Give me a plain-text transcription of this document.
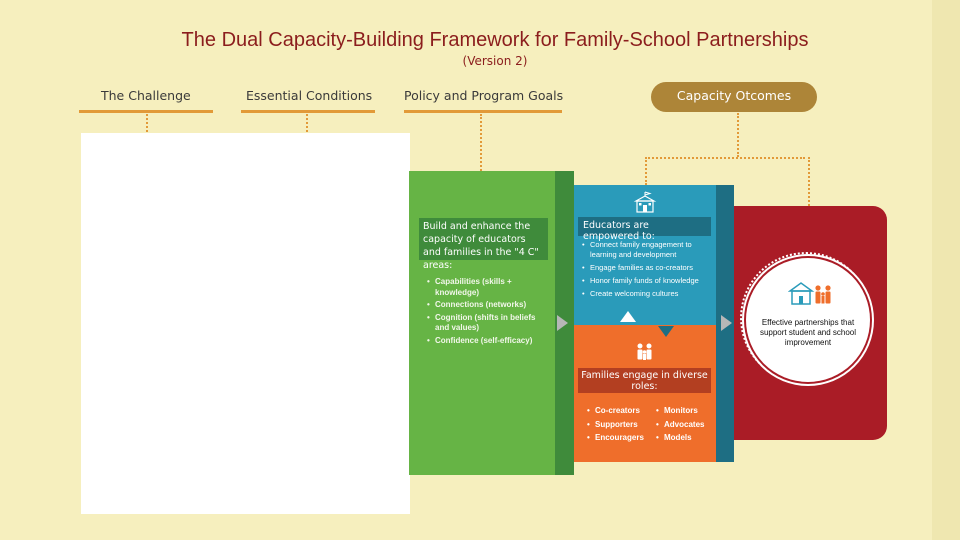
The Dual Capacity-Building Framework for Family-School Partnerships
(Version 2)
The Challenge	Essential Conditions	Policy and Program Goals	Capacity Otcomes
Build and enhance the capacity of educators and families in the "4 C" areas:
• Capabilities (skills + knowledge)
• Connections (networks)
• Cognition (shifts in beliefs and values)
• Confidence (self-efficacy)
Educators are empowered to:
• Connect family engagement to learning and development
• Engage families as co-creators
• Honor family funds of knowledge
• Create welcoming cultures
Families engage in diverse roles:
• Co-creators
• Supporters
• Encouragers
• Monitors
• Advocates
• Models
Effective partnerships that support student and school improvement
